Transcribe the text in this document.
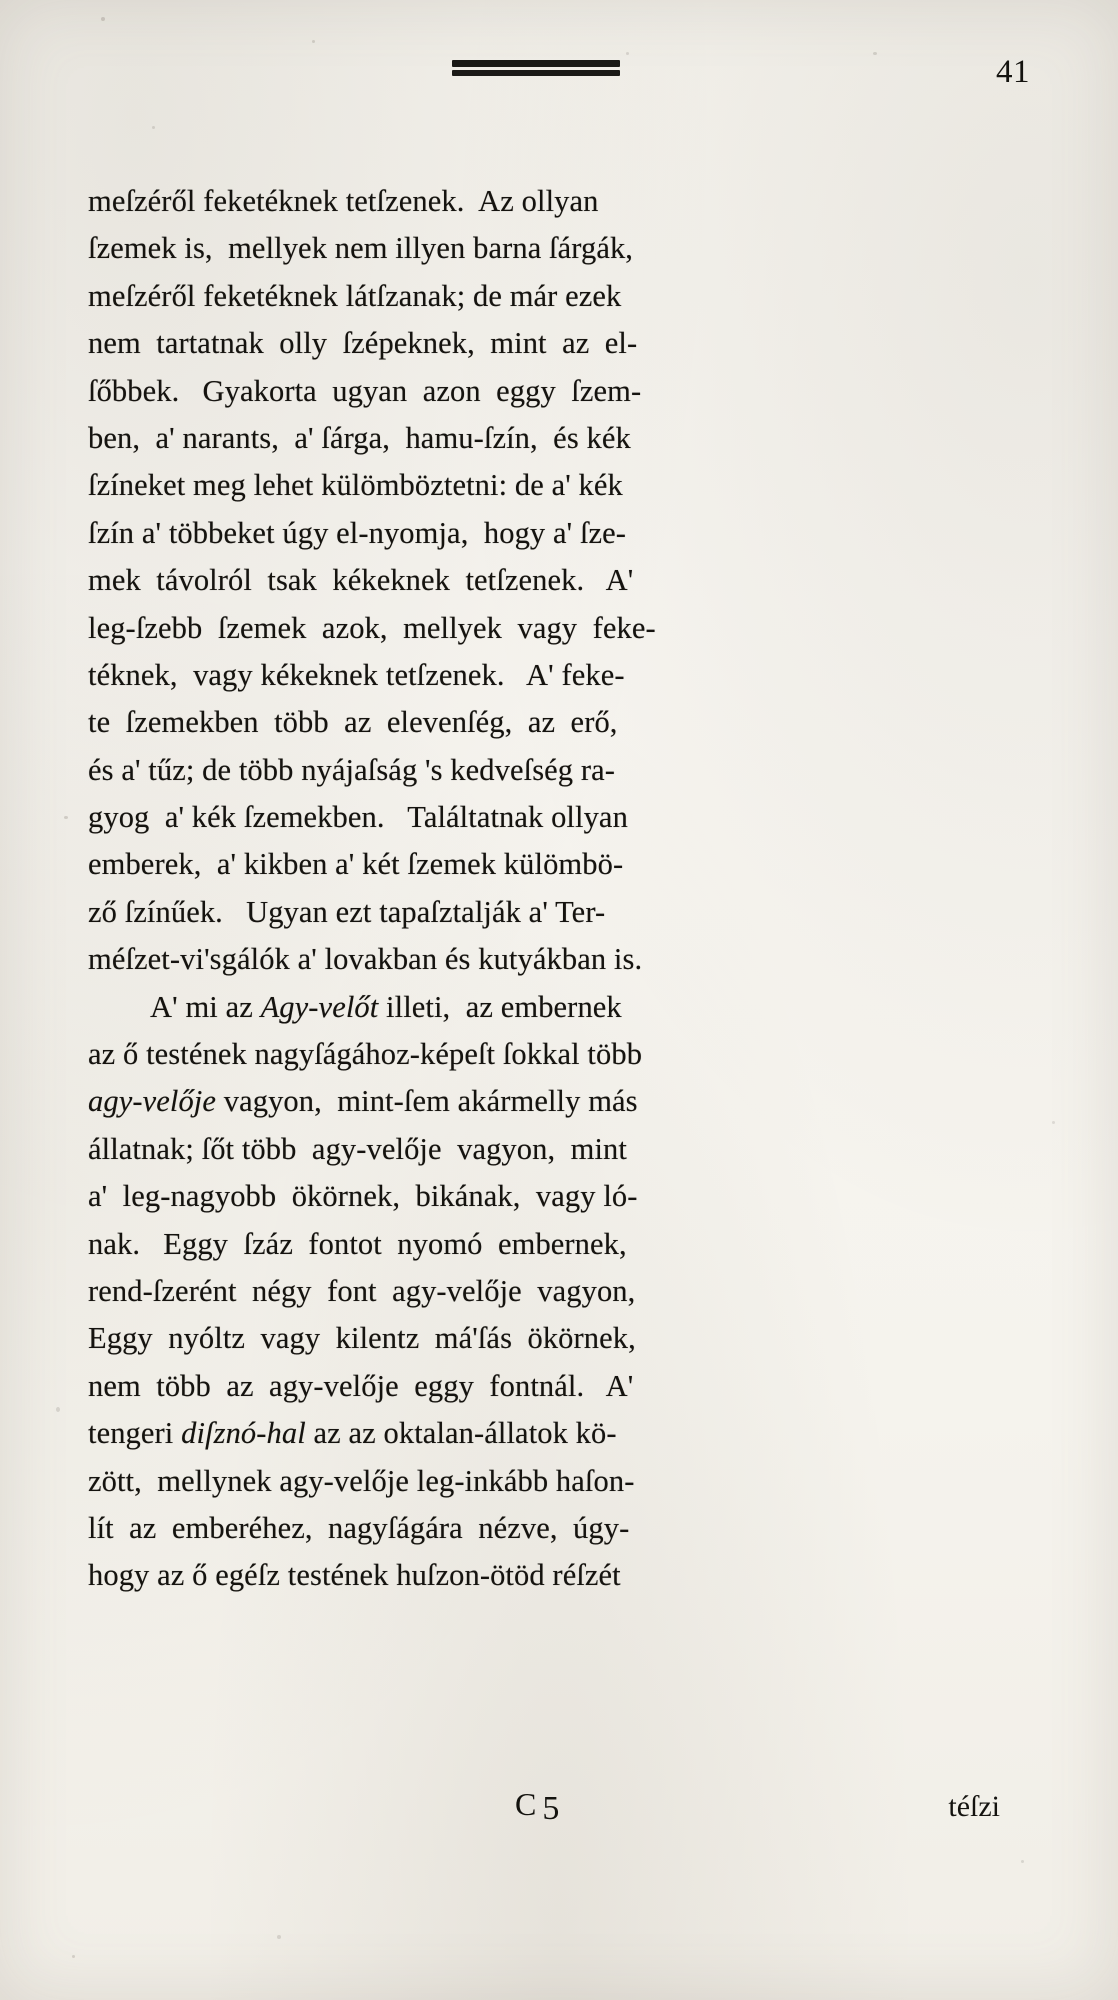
41
meſzéről feketéknek tetſzenek.  Az ollyan
ſzemek is,  mellyek nem illyen barna ſárgák,
meſzéről feketéknek látſzanak; de már ezek
nem  tartatnak  olly  ſzépeknek,  mint  az  el-
ſőbbek.   Gyakorta  ugyan  azon  eggy  ſzem-
ben,  a' narants,  a' ſárga,  hamu-ſzín,  és kék
ſzíneket meg lehet külömböztetni: de a' kék
ſzín a' többeket úgy el-nyomja,  hogy a' ſze-
mek  távolról  tsak  kékeknek  tetſzenek.   A'
leg-ſzebb  ſzemek  azok,  mellyek  vagy  feke-
téknek,  vagy kékeknek tetſzenek.   A' feke-
te  ſzemekben  több  az  elevenſég,  az  erő,
és a' tűz; de több nyájaſság 's kedveſség ra-
gyog  a' kék ſzemekben.   Találtatnak ollyan
emberek,  a' kikben a' két ſzemek külömbö-
ző ſzínűek.   Ugyan ezt tapaſztalják a' Ter-
méſzet-vi'sgálók a' lovakban és kutyákban is.
A' mi az Agy-velőt illeti,  az embernek
az ő testének nagyſágához-képeſt ſokkal több
agy-velője vagyon,  mint-ſem akármelly más
állatnak; ſőt több  agy-velője  vagyon,  mint
a'  leg-nagyobb  ökörnek,  bikának,  vagy ló-
nak.   Eggy  ſzáz  fontot  nyomó  embernek,
rend-ſzerént  négy  font  agy-velője  vagyon,
Eggy  nyóltz  vagy  kilentz  má'ſás  ökörnek,
nem  több  az  agy-velője  eggy  fontnál.   A'
tengeri diſznó-hal az az oktalan-állatok kö-
zött,  mellynek agy-velője leg-inkább haſon-
lít  az  emberéhez,  nagyſágára  nézve,  úgy-
hogy az ő egéſz testének huſzon-ötöd réſzét
C 5	téſzi
